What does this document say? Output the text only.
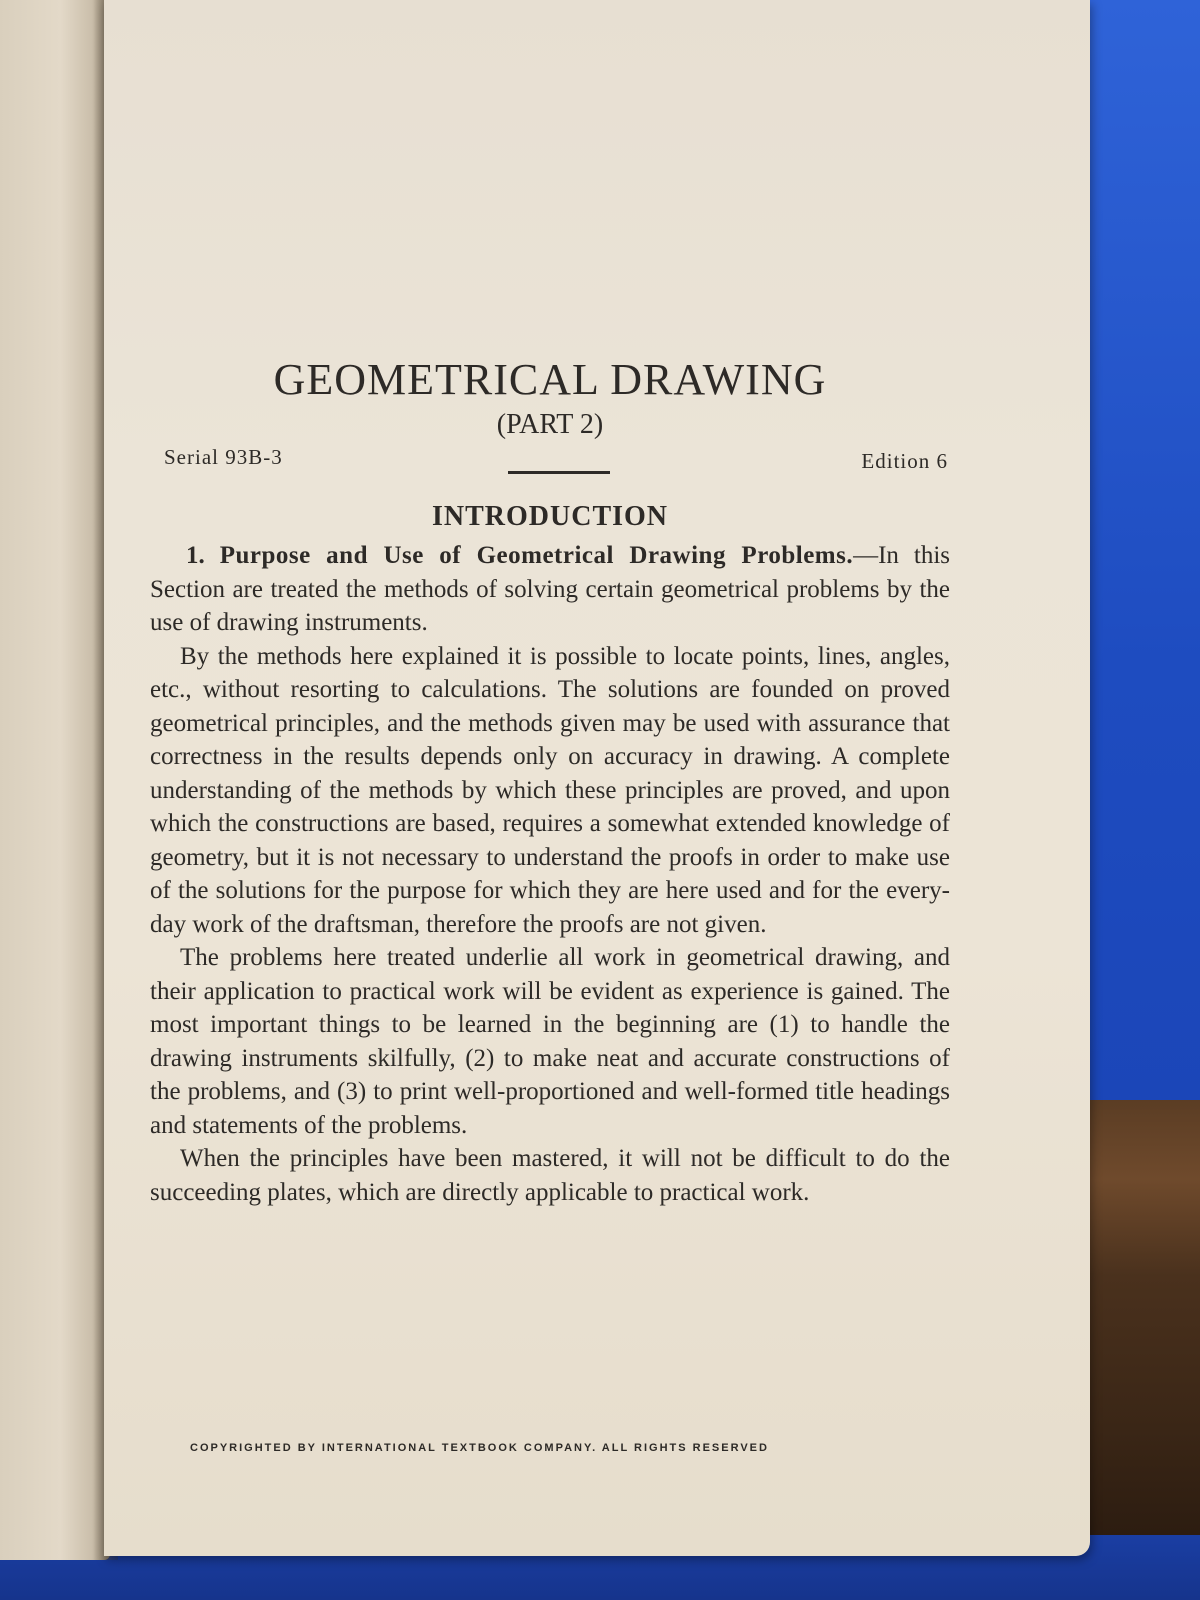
GEOMETRICAL DRAWING
(PART 2)
Serial 93B-3	Edition 6
INTRODUCTION

1. Purpose and Use of Geometrical Drawing Problems.—In this Section are treated the methods of solving certain geometrical problems by the use of drawing instruments.

By the methods here explained it is possible to locate points, lines, angles, etc., without resorting to calculations. The solutions are founded on proved geometrical principles, and the methods given may be used with assurance that correctness in the results depends only on accuracy in drawing. A complete understanding of the methods by which these principles are proved, and upon which the constructions are based, requires a somewhat extended knowledge of geometry, but it is not necessary to understand the proofs in order to make use of the solutions for the purpose for which they are here used and for the every-day work of the draftsman, therefore the proofs are not given.

The problems here treated underlie all work in geometrical drawing, and their application to practical work will be evident as experience is gained. The most important things to be learned in the beginning are (1) to handle the drawing instruments skilfully, (2) to make neat and accurate constructions of the problems, and (3) to print well-proportioned and well-formed title headings and statements of the problems.

When the principles have been mastered, it will not be difficult to do the succeeding plates, which are directly applicable to practical work.

COPYRIGHTED BY INTERNATIONAL TEXTBOOK COMPANY. ALL RIGHTS RESERVED
